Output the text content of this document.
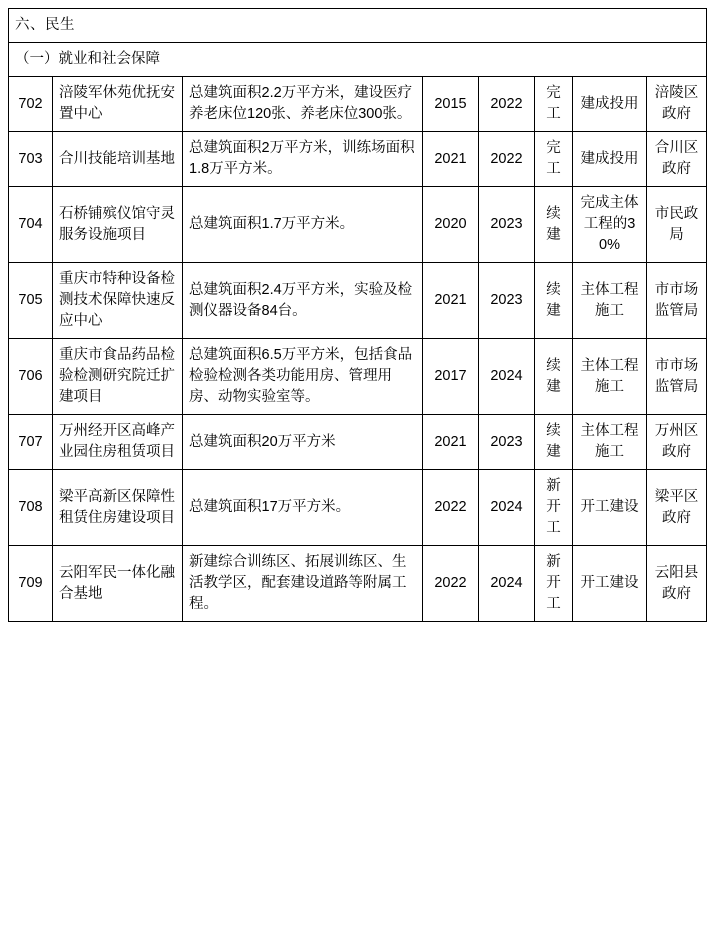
六、民生							
（一）就业和社会保障							
702	涪陵军休苑优抚安置中心	总建筑面积2.2万平方米，建设医疗养老床位120张、养老床位300张。	2015	2022	完工	建成投用	涪陵区政府
703	合川技能培训基地	总建筑面积2万平方米，训练场面积1.8万平方米。	2021	2022	完工	建成投用	合川区政府
704	石桥铺殡仪馆守灵服务设施项目	总建筑面积1.7万平方米。	2020	2023	续建	完成主体工程的30%	市民政局
705	重庆市特种设备检测技术保障快速反应中心	总建筑面积2.4万平方米，实验及检测仪器设备84台。	2021	2023	续建	主体工程施工	市市场监管局
706	重庆市食品药品检验检测研究院迁扩建项目	总建筑面积6.5万平方米，包括食品检验检测各类功能用房、管理用房、动物实验室等。	2017	2024	续建	主体工程施工	市市场监管局
707	万州经开区高峰产业园住房租赁项目	总建筑面积20万平方米	2021	2023	续建	主体工程施工	万州区政府
708	梁平高新区保障性租赁住房建设项目	总建筑面积17万平方米。	2022	2024	新开工	开工建设	梁平区政府
709	云阳军民一体化融合基地	新建综合训练区、拓展训练区、生活教学区，配套建设道路等附属工程。	2022	2024	新开工	开工建设	云阳县政府
